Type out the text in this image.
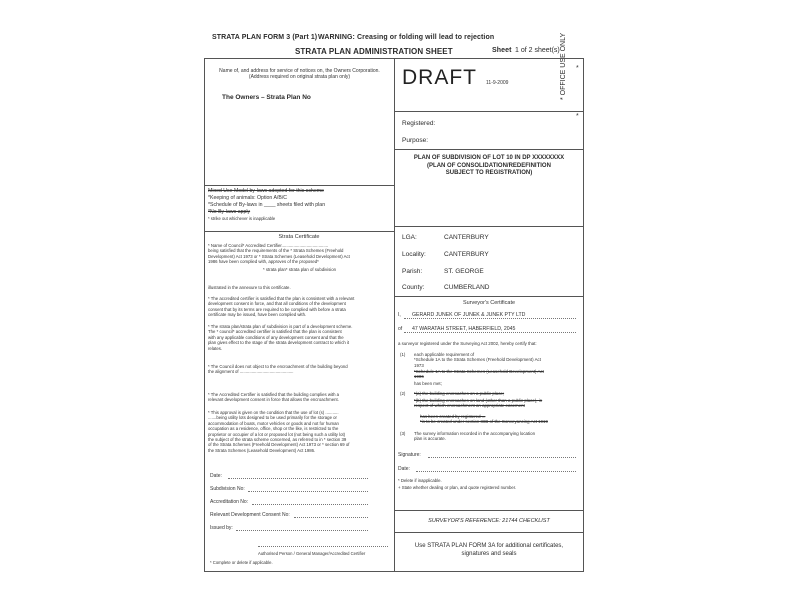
STRATA PLAN FORM 3 (Part 1) WARNING: Creasing or folding will lead to rejection
STRATA PLAN ADMINISTRATION SHEET	Sheet 1 of 2 sheet(s) * OFFICE USE ONLY
Name of, and address for service of notices on, the Owners Corporation. (Address required on original strata plan only)
The Owners – Strata Plan No
DRAFT 11-9-2009
*
*
Registered:
Purpose:
PLAN OF SUBDIVISION OF LOT 10 IN DP XXXXXXXX
(PLAN OF CONSOLIDATION/REDEFINITION
SUBJECT TO REGISTRATION)
Mixed Use Model by-laws adopted for this scheme
*Keeping of animals: Option A/B/C
*Schedule of By-laws in ____ sheets filed with plan
*No By-laws apply
* strike out whichever is inapplicable
Strata Certificate
* Name of Council* Accredited Certifier.......................................
being satisfied that the requirements of the * Strata Schemes (Freehold
Development) Act 1973 or * Strata Schemes (Leasehold Development) Act
1986 have been complied with, approves of the proposed*
* strata plan* strata plan of subdivision
illustrated in the annexure to this certificate.
* The accredited certifier is satisfied that the plan is consistent with a relevant
development consent in force, and that all conditions of the development
consent that by its terms are required to be complied with before a strata
certificate may be issued, have been complied with.
* The strata plan/strata plan of subdivision is part of a development scheme.
The * council* accredited certifier is satisfied that the plan is consistent
with any applicable conditions of any development consent and that the
plan gives effect to the stage of the strata development contract to which it
relates.
* The Council does not object to the encroachment of the building beyond
the alignment of .............................................
* The Accredited Certifier is satisfied that the building complies with a
relevant development consent in force that allows the encroachment.
* This approval is given on the condition that the use of lot (s) ...........
.......being utility lots designed to be used primarily for the storage or
accommodation of boats, motor vehicles or goods and not for human
occupation as a residence, office, shop or the like, is restricted to the
proprietor or occupier of a lot or proposed lot (not being such a utility lot)
the subject of the strata scheme concerned, as referred to in * section 39
of the Strata Schemes (Freehold Development) Act 1973 or * section 69 of
the Strata Schemes (Leasehold Development) Act 1986.
Date:
Subdivision No:
Accreditation No:
Relevant Development Consent No:
Issued by:
Authorised Person / General Manager/Accredited Certifier
* Complete or delete if applicable.
LGA:	CANTERBURY
Locality:	CANTERBURY
Parish:	ST. GEORGE
County:	CUMBERLAND
Surveyor's Certificate
I, GERARD JUNEK OF JUNEK & JUNEK PTY LTD
of 47 WARATAH STREET, HABERFIELD, 2045
a surveyor registered under the Surveying Act 2002, hereby certify that:
(1) each applicable requirement of
*Schedule 1A to the Strata Schemes (Freehold Development) Act
1973
*Schedule 1A to the Strata Schemes (Leasehold Development) Act
1986
has been met;
(2) *(a) the building encroaches on a public place;
*(b) the building encroaches on land (other than a public place), in
respect of which encroachment an appropriate easement
has been created by registered ...
*is to be created under section 88B of the Conveyancing Act 1919
(3) The survey information recorded in the accompanying location
plan is accurate.
Signature:
Date:
* Delete if inapplicable.
+ State whether dealing or plan, and quote registered number.
SURVEYOR'S REFERENCE: 21744 CHECKLIST
Use STRATA PLAN FORM 3A for additional certificates,
signatures and seals
